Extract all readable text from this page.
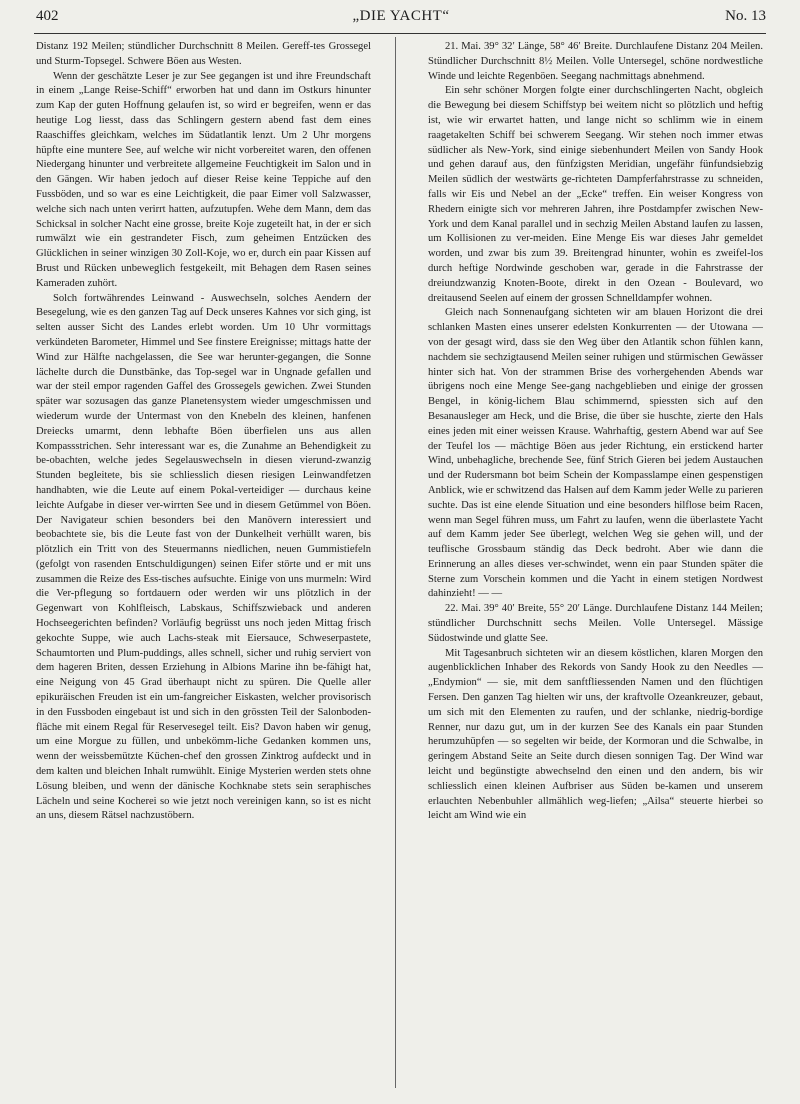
402	„DIE YACHT“	No. 13

Distanz 192 Meilen; stündlicher Durchschnitt 8 Meilen. Gereff-tes Grossegel und Sturm-Topsegel. Schwere Böen aus Westen.

Wenn der geschätzte Leser je zur See gegangen ist und ihre Freundschaft in einem „Lange Reise-Schiff“ erworben hat und dann im Ostkurs hinunter zum Kap der guten Hoffnung gelaufen ist, so wird er begreifen, wenn er das heutige Log liesst, dass das Schlingern gestern abend fast dem eines Raaschiffes gleichkam, welches im Südatlantik lenzt. Um 2 Uhr morgens hüpfte eine muntere See, auf welche wir nicht vorbereitet waren, den offenen Niedergang hinunter und verbreitete allgemeine Feuchtigkeit im Salon und in den Gängen. Wir haben jedoch auf dieser Reise keine Teppiche auf den Fussböden, und so war es eine Leichtigkeit, die paar Eimer voll Salzwasser, welche sich nach unten verirrt hatten, aufzutupfen. Wehe dem Mann, dem das Schicksal in solcher Nacht eine grosse, breite Koje zugeteilt hat, in der er sich rumwälzt wie ein gestrandeter Fisch, zum geheimen Entzücken des Glücklichen in seiner winzigen 30 Zoll-Koje, wo er, durch ein paar Kissen auf Brust und Rücken unbeweglich festgekeilt, mit Behagen dem Rasen seines Kameraden zuhört.

Solch fortwährendes Leinwand - Auswechseln, solches Aendern der Besegelung, wie es den ganzen Tag auf Deck unseres Kahnes vor sich ging, ist selten ausser Sicht des Landes erlebt worden. Um 10 Uhr vormittags verkündeten Barometer, Himmel und See finstere Ereignisse; mittags hatte der Wind zur Hälfte nachgelassen, die See war herunter-gegangen, die Sonne lächelte durch die Dunstbänke, das Top-segel war in Ungnade gefallen und war der steil empor ragenden Gaffel des Grossegels gewichen. Zwei Stunden später war sozusagen das ganze Planetensystem wieder umgeschmissen und wiederum wurde der Untermast von den Knebeln des kleinen, hanfenen Dreiecks umarmt, denn lebhafte Böen überfielen uns aus allen Kompassstrichen. Sehr interessant war es, die Zunahme an Behendigkeit zu be-obachten, welche jedes Segelauswechseln in diesen vierund-zwanzig Stunden begleitete, bis sie schliesslich diesen riesigen Leinwandfetzen handhabten, wie die Leute auf einem Pokal-verteidiger — durchaus keine leichte Aufgabe in dieser ver-wirrten See und in diesem Getümmel von Böen. Der Navigateur schien besonders bei den Manövern interessiert und beobachtete sie, bis die Leute fast von der Dunkelheit verhüllt waren, bis plötzlich ein Tritt von des Steuermanns niedlichen, neuen Gummistiefeln (gefolgt von rasenden Entschuldigungen) seinen Eifer störte und er mit uns zusammen die Reize des Ess-tisches aufsuchte. Einige von uns murmeln: Wird die Ver-pflegung so fortdauern oder werden wir uns plötzlich in der Gegenwart von Kohlfleisch, Labskaus, Schiffszwieback und anderen Hochseegerichten befinden? Vorläufig begrüsst uns noch jeden Mittag frisch gekochte Suppe, wie auch Lachs-steak mit Eiersauce, Schweserpastete, Schaumtorten und Plum-puddings, alles schnell, sicher und ruhig serviert von dem hageren Briten, dessen Erziehung in Albions Marine ihn be-fähigt hat, eine Neigung von 45 Grad überhaupt nicht zu spüren. Die Quelle aller epikuräischen Freuden ist ein um-fangreicher Eiskasten, welcher provisorisch in den Fussboden eingebaut ist und sich in den grössten Teil der Salonboden-fläche mit einem Regal für Reservesegel teilt. Eis? Davon haben wir genug, um eine Morgue zu füllen, und unbekömm-liche Gedanken kommen uns, wenn der weissbemützte Küchen-chef den grossen Zinktrog aufdeckt und in dem kalten und bleichen Inhalt rumwühlt. Einige Mysterien werden stets ohne Lösung bleiben, und wenn der dänische Kochknabe stets sein seraphisches Lächeln und seine Kocherei so wie jetzt noch vereinigen kann, so ist es nicht an uns, diesem Rätsel nachzustöbern.

21. Mai. 39° 32′ Länge, 58° 46′ Breite. Durchlaufene Distanz 204 Meilen. Stündlicher Durchschnitt 8½ Meilen. Volle Untersegel, schöne nordwestliche Winde und leichte Regenböen. Seegang nachmittags abnehmend.

Ein sehr schöner Morgen folgte einer durchschlingerten Nacht, obgleich die Bewegung bei diesem Schiffstyp bei weitem nicht so plötzlich und heftig ist, wie wir erwartet hatten, und lange nicht so schlimm wie in einem raagetakelten Schiff bei schwerem Seegang. Wir stehen noch immer etwas südlicher als New-York, sind einige siebenhundert Meilen von Sandy Hook und gehen darauf aus, den fünfzigsten Meridian, ungefähr fünfundsiebzig Meilen südlich der westwärts ge-richteten Dampferfahrstrasse zu schneiden, falls wir Eis und Nebel an der „Ecke“ treffen. Ein weiser Kongress von Rhedern einigte sich vor mehreren Jahren, ihre Postdampfer zwischen New-York und dem Kanal parallel und in sechzig Meilen Abstand laufen zu lassen, um Kollisionen zu ver-meiden. Eine Menge Eis war dieses Jahr gemeldet worden, und zwar bis zum 39. Breitengrad hinunter, wohin es zweifel-los durch heftige Nordwinde geschoben war, gerade in die Fahrstrasse der dreiundzwanzig Knoten-Boote, direkt in den Ozean - Boulevard, wo dreitausend Seelen auf einem der grossen Schnelldampfer wohnen.

Gleich nach Sonnenaufgang sichteten wir am blauen Horizont die drei schlanken Masten eines unserer edelsten Konkurrenten — der Utowana — von der gesagt wird, dass sie den Weg über den Atlantik schon fühlen kann, nachdem sie sechzigtausend Meilen seiner ruhigen und stürmischen Gewässer hinter sich hat. Von der strammen Brise des vorhergehenden Abends war übrigens noch eine Menge See-gang nachgeblieben und einige der grossen Bengel, in könig-lichem Blau schimmernd, spiessten sich auf den Besanausleger am Heck, und die Brise, die über sie huschte, zierte den Hals eines jeden mit einer weissen Krause. Wahrhaftig, gestern Abend war auf See der Teufel los — mächtige Böen aus jeder Richtung, ein erstickend harter Wind, unbehagliche, brechende See, fünf Strich Gieren bei jedem Austauchen und der Rudersmann bot beim Schein der Kompasslampe einen gespenstigen Anblick, wie er schwitzend das Halsen auf dem Kamm jeder Welle zu parieren suchte. Das ist eine elende Situation und eine besonders hilflose beim Racen, wenn man Segel führen muss, um Fahrt zu laufen, wenn die überlastete Yacht auf dem Kamm jeder See überlegt, welchen Weg sie gehen will, und der teuflische Grossbaum ständig das Deck bedroht. Aber wie dann die Erinnerung an alles dieses ver-schwindet, wenn ein paar Stunden später die Sterne zum Vorschein kommen und die Yacht in einem stetigen Nordwest dahinzieht! — —

22. Mai. 39° 40′ Breite, 55° 20′ Länge. Durchlaufene Distanz 144 Meilen; stündlicher Durchschnitt sechs Meilen. Volle Untersegel. Mässige Südostwinde und glatte See.

Mit Tagesanbruch sichteten wir an diesem köstlichen, klaren Morgen den augenblicklichen Inhaber des Rekords von Sandy Hook zu den Needles — „Endymion“ — sie, mit dem sanftfliessenden Namen und den flüchtigen Fersen. Den ganzen Tag hielten wir uns, der kraftvolle Ozeankreuzer, gebaut, um sich mit den Elementen zu raufen, und der schlanke, niedrig-bordige Renner, nur dazu gut, um in der kurzen See des Kanals ein paar Stunden herumzuhüpfen — so segelten wir beide, der Kormoran und die Schwalbe, in geringem Abstand Seite an Seite durch diesen sonnigen Tag. Der Wind war leicht und begünstigte abwechselnd den einen und den andern, bis wir schliesslich einen kleinen Aufbriser aus Süden be-kamen und unserem erlauchten Nebenbuhler allmählich weg-liefen; „Ailsa“ steuerte hierbei so leicht am Wind wie ein
